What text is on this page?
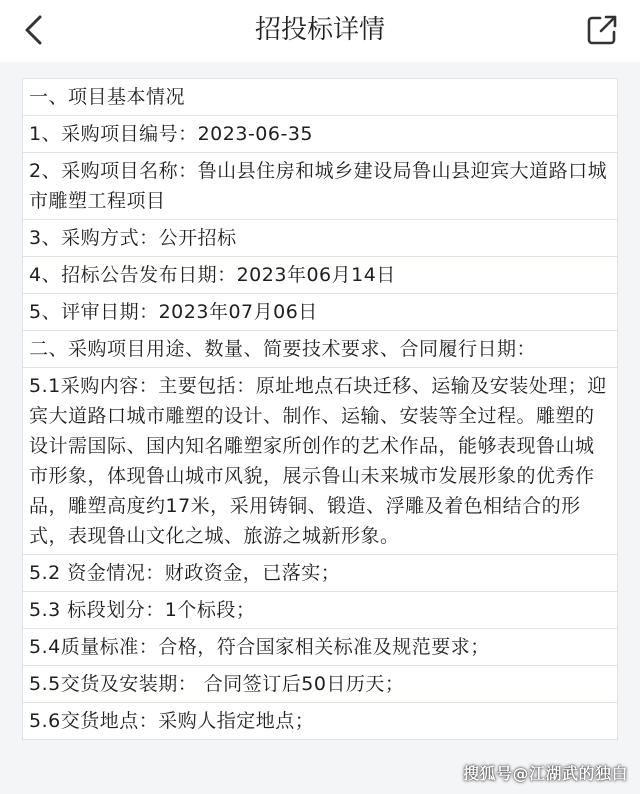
招投标详情
一、项目基本情况
1、采购项目编号：2023-06-35
2、采购项目名称：鲁山县住房和城乡建设局鲁山县迎宾大道路口城市雕塑工程项目
3、采购方式：公开招标
4、招标公告发布日期：2023年06月14日
5、评审日期：2023年07月06日
二、采购项目用途、数量、简要技术要求、合同履行日期：
5.1采购内容：主要包括：原址地点石块迁移、运输及安装处理；迎宾大道路口城市雕塑的设计、制作、运输、安装等全过程。雕塑的设计需国际、国内知名雕塑家所创作的艺术作品，能够表现鲁山城市形象，体现鲁山城市风貌，展示鲁山未来城市发展形象的优秀作品，雕塑高度约17米，采用铸铜、锻造、浮雕及着色相结合的形式，表现鲁山文化之城、旅游之城新形象。
5.2 资金情况：财政资金，已落实；
5.3 标段划分：1个标段；
5.4质量标准：合格，符合国家相关标准及规范要求；
5.5交货及安装期： 合同签订后50日历天；
5.6交货地点：采购人指定地点；
搜狐号@江湖武的独白
